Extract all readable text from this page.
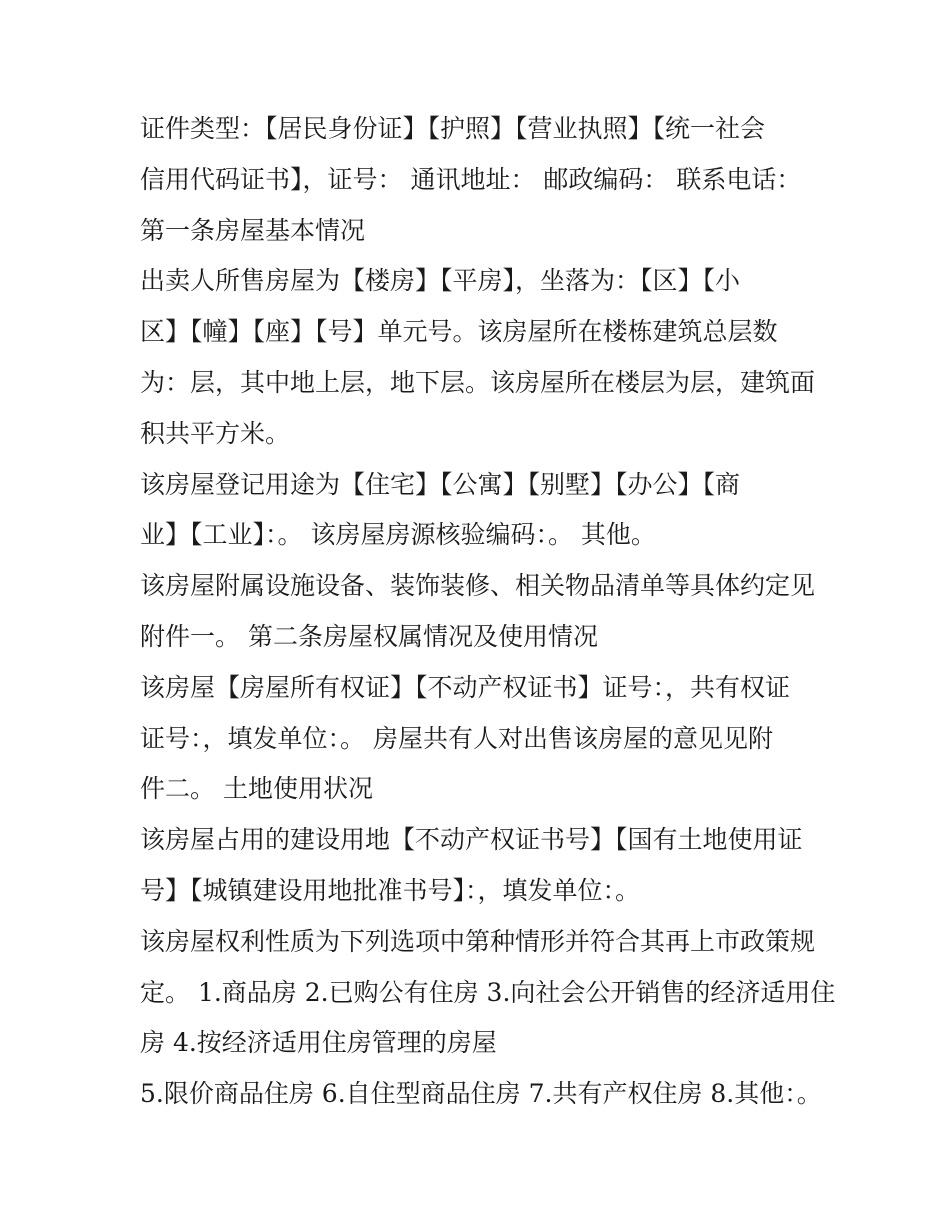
证件类型：【居民身份证】【护照】【营业执照】【统一社会
信用代码证书】，证号： 通讯地址： 邮政编码： 联系电话：
第一条房屋基本情况
出卖人所售房屋为【楼房】【平房】，坐落为：【区】【小
区】【幢】【座】【号】单元号。该房屋所在楼栋建筑总层数
为：层，其中地上层，地下层。该房屋所在楼层为层，建筑面
积共平方米。
该房屋登记用途为【住宅】【公寓】【别墅】【办公】【商
业】【工业】：。 该房屋房源核验编码：。 其他。
该房屋附属设施设备、装饰装修、相关物品清单等具体约定见
附件一。 第二条房屋权属情况及使用情况
该房屋【房屋所有权证】【不动产权证书】证号：，共有权证
证号：，填发单位：。 房屋共有人对出售该房屋的意见见附
件二。 土地使用状况
该房屋占用的建设用地【不动产权证书号】【国有土地使用证
号】【城镇建设用地批准书号】：，填发单位：。
该房屋权利性质为下列选项中第种情形并符合其再上市政策规
定。 1.商品房 2.已购公有住房 3.向社会公开销售的经济适用住
房 4.按经济适用住房管理的房屋
5.限价商品住房 6.自住型商品住房 7.共有产权住房 8.其他：。
